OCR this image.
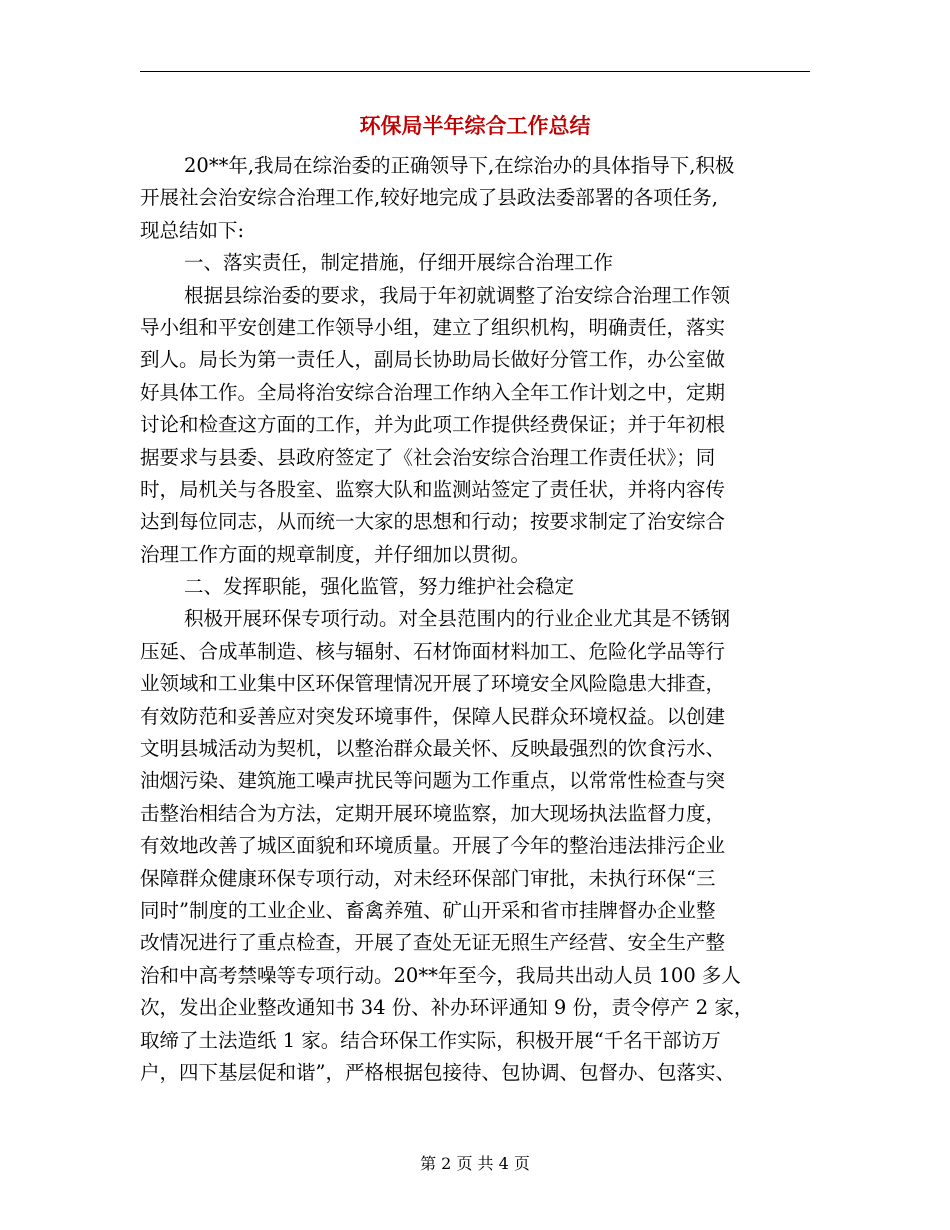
环保局半年综合工作总结
20**年,我局在综治委的正确领导下,在综治办的具体指导下,积极
开展社会治安综合治理工作,较好地完成了县政法委部署的各项任务,
现总结如下:
一、落实责任，制定措施，仔细开展综合治理工作
根据县综治委的要求，我局于年初就调整了治安综合治理工作领
导小组和平安创建工作领导小组，建立了组织机构，明确责任，落实
到人。局长为第一责任人，副局长协助局长做好分管工作，办公室做
好具体工作。全局将治安综合治理工作纳入全年工作计划之中，定期
讨论和检查这方面的工作，并为此项工作提供经费保证；并于年初根
据要求与县委、县政府签定了《社会治安综合治理工作责任状》；同
时，局机关与各股室、监察大队和监测站签定了责任状，并将内容传
达到每位同志，从而统一大家的思想和行动；按要求制定了治安综合
治理工作方面的规章制度，并仔细加以贯彻。
二、发挥职能，强化监管，努力维护社会稳定
积极开展环保专项行动。对全县范围内的行业企业尤其是不锈钢
压延、合成革制造、核与辐射、石材饰面材料加工、危险化学品等行
业领域和工业集中区环保管理情况开展了环境安全风险隐患大排查，
有效防范和妥善应对突发环境事件，保障人民群众环境权益。以创建
文明县城活动为契机，以整治群众最关怀、反映最强烈的饮食污水、
油烟污染、建筑施工噪声扰民等问题为工作重点，以常常性检查与突
击整治相结合为方法，定期开展环境监察，加大现场执法监督力度，
有效地改善了城区面貌和环境质量。开展了今年的整治违法排污企业
保障群众健康环保专项行动，对未经环保部门审批，未执行环保“三
同时”制度的工业企业、畜禽养殖、矿山开采和省市挂牌督办企业整
改情况进行了重点检查，开展了查处无证无照生产经营、安全生产整
治和中高考禁噪等专项行动。20**年至今，我局共出动人员 100 多人
次，发出企业整改通知书 34 份、补办环评通知 9 份，责令停产 2 家，
取缔了土法造纸 1 家。结合环保工作实际，积极开展“千名干部访万
户，四下基层促和谐”，严格根据包接待、包协调、包督办、包落实、
第 2 页 共 4 页
